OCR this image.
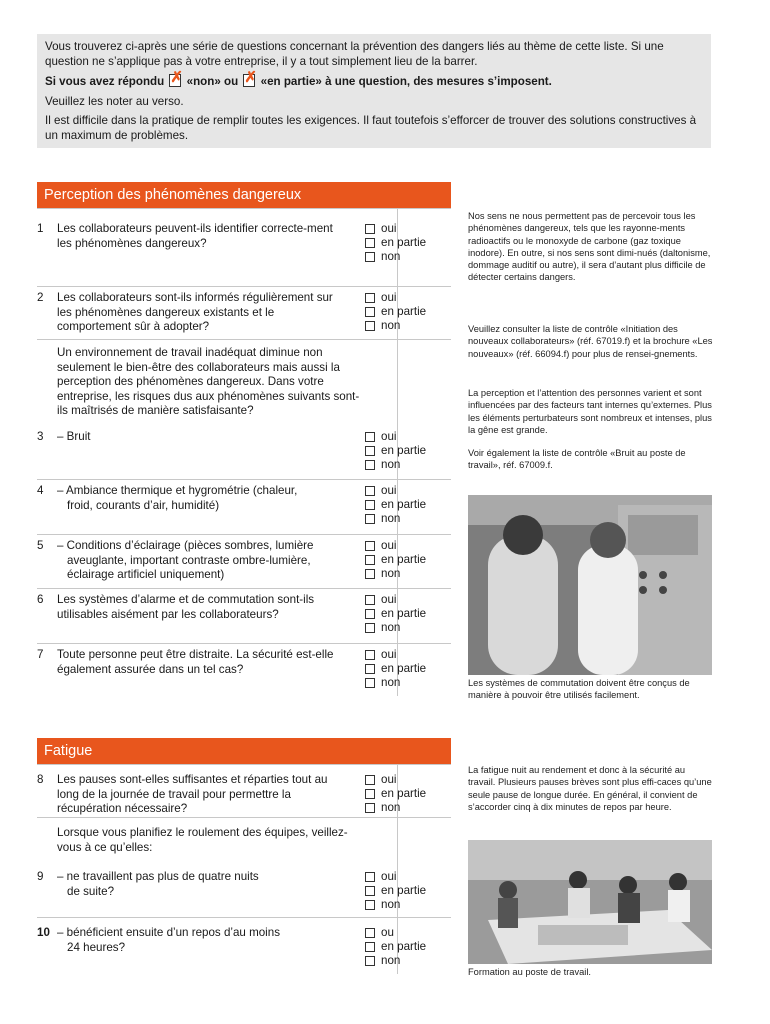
Vous trouverez ci-après une série de questions concernant la prévention des dangers liés au thème de cette liste. Si une question ne s’applique pas à votre entreprise, il y a tout simplement lieu de la barrer.

Si vous avez répondu ✗ «non» ou ✗ «en partie» à une question, des mesures s’imposent.

Veuillez les noter au verso.

Il est difficile dans la pratique de remplir toutes les exigences. Il faut toutefois s’efforcer de trouver des solutions constructives à un maximum de problèmes.

Perception des phénomènes dangereux
1 Les collaborateurs peuvent-ils identifier correcte-ment les phénomènes dangereux?
oui
en partie
non
2 Les collaborateurs sont-ils informés régulièrement sur les phénomènes dangereux existants et le comportement sûr à adopter?
oui
en partie
non
Un environnement de travail inadéquat diminue non seulement le bien-être des collaborateurs mais aussi la perception des phénomènes dangereux. Dans votre entreprise, les risques dus aux phénomènes suivants sont-ils maîtrisés de manière satisfaisante?
3 – Bruit	oui
en partie
non
4 – Ambiance thermique et hygrométrie (chaleur,
froid, courants d’air, humidité)
oui
en partie
non
5 – Conditions d’éclairage (pièces sombres, lumière
aveuglante, important contraste ombre-lumière,
éclairage artificiel uniquement)
oui
en partie
non
6 Les systèmes d’alarme et de commutation sont-ils utilisables aisément par les collaborateurs?
oui
en partie
non
7 Toute personne peut être distraite. La sécurité est-elle également assurée dans un tel cas?
oui
en partie
non
Fatigue
8 Les pauses sont-elles suffisantes et réparties tout au long de la journée de travail pour permettre la récupération nécessaire?
oui
en partie
non
Lorsque vous planifiez le roulement des équipes, veillez-vous à ce qu’elles:
9 – ne travaillent pas plus de quatre nuits
de suite?
oui
en partie
non
10 – bénéficient ensuite d’un repos d’au moins
24 heures?
ou
en partie
non

Nos sens ne nous permettent pas de percevoir tous les phénomènes dangereux, tels que les rayonne-ments radioactifs ou le monoxyde de carbone (gaz toxique inodore). En outre, si nos sens sont dimi-nués (daltonisme, dommage auditif ou autre), il sera d’autant plus difficile de détecter certains dangers.

Veuillez consulter la liste de contrôle «Initiation des nouveaux collaborateurs» (réf. 67019.f) et la brochure «Les nouveaux» (réf. 66094.f) pour plus de rensei-gnements.

La perception et l’attention des personnes varient et sont influencées par des facteurs tant internes qu’externes. Plus les éléments perturbateurs sont nombreux et intenses, plus la gêne est grande.

Voir également la liste de contrôle «Bruit au poste de travail», réf. 67009.f.

Les systèmes de commutation doivent être conçus de manière à pouvoir être utilisés facilement.

La fatigue nuit au rendement et donc à la sécurité au travail. Plusieurs pauses brèves sont plus effi-caces qu’une seule pause de longue durée. En général, il convient de s’accorder cinq à dix minutes de repos par heure.

Formation au poste de travail.
